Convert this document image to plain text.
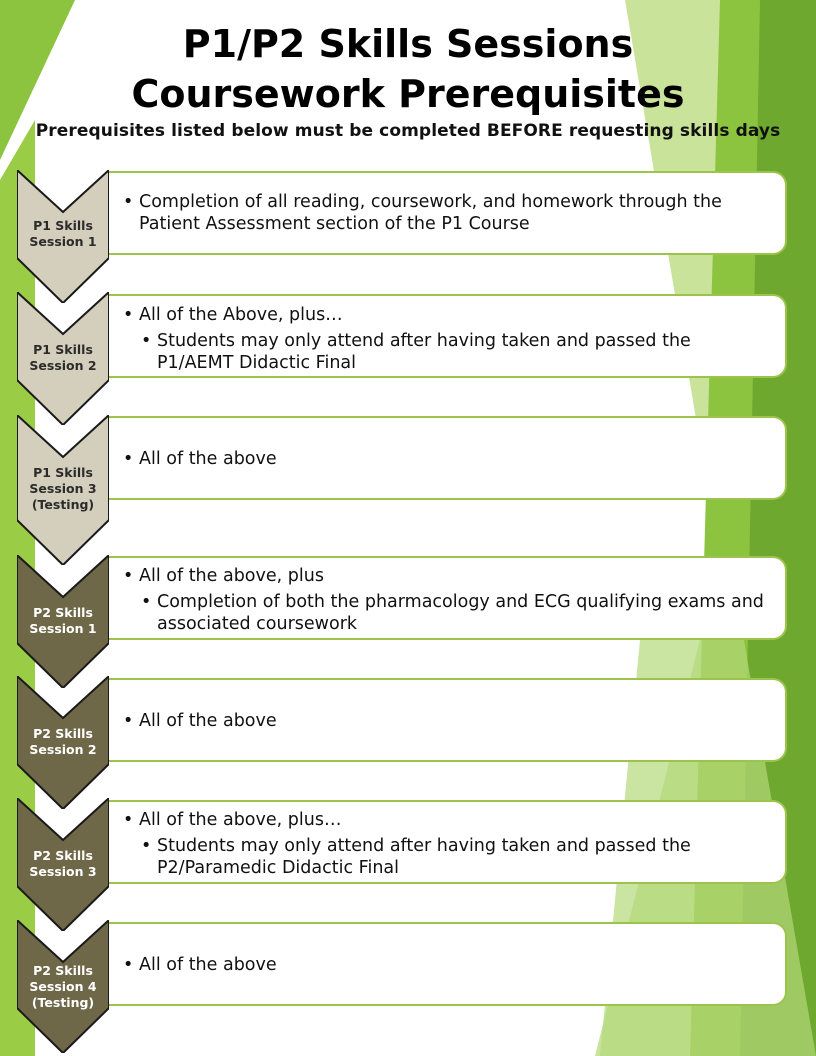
P1/P2 Skills Sessions
Coursework Prerequisites
Prerequisites listed below must be completed BEFORE requesting skills days
P1 Skills
Session 1

• Completion of all reading, coursework, and homework through the Patient Assessment section of the P1 Course

P1 Skills
Session 2

• All of the Above, plus…

• Students may only attend after having taken and passed the P1/AEMT Didactic Final

P1 Skills
Session 3
(Testing)

• All of the above

P2 Skills
Session 1

• All of the above, plus

• Completion of both the pharmacology and ECG qualifying exams and associated coursework

P2 Skills
Session 2

• All of the above

P2 Skills
Session 3

• All of the above, plus…

• Students may only attend after having taken and passed the P2/Paramedic Didactic Final

P2 Skills
Session 4
(Testing)

• All of the above
